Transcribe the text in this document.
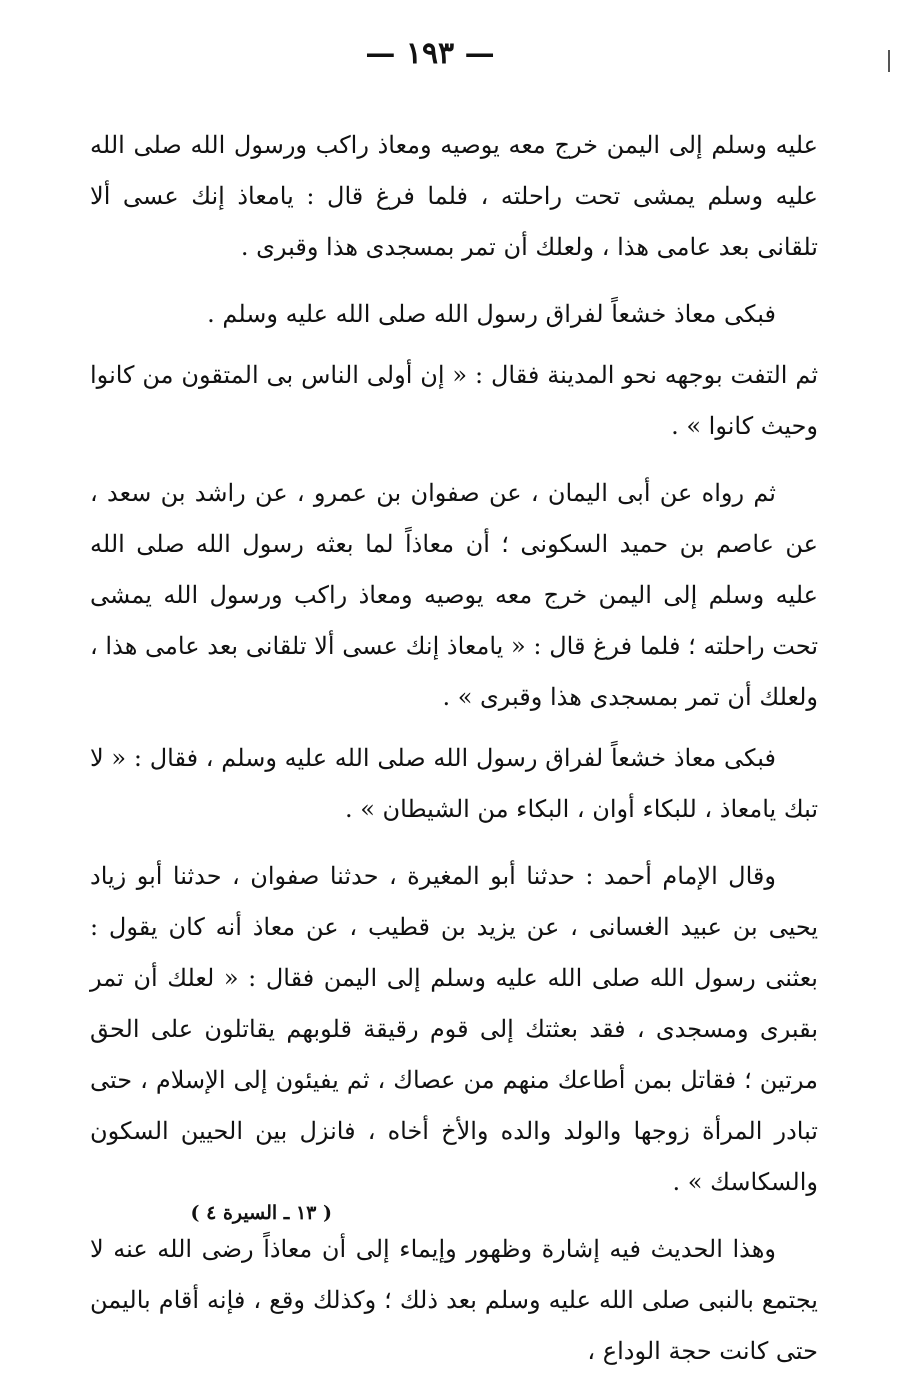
— ١٩٣ —

عليه وسلم إلى اليمن خرج معه يوصيه ومعاذ راكب ورسول الله صلى الله عليه وسلم يمشى تحت راحلته ، فلما فرغ قال : يامعاذ إنك عسى ألا تلقانى بعد عامى هذا ، ولعلك أن تمر بمسجدى هذا وقبرى .

فبكى معاذ خشعاً لفراق رسول الله صلى الله عليه وسلم .

ثم التفت بوجهه نحو المدينة فقال : « إن أولى الناس بى المتقون من كانوا وحيث كانوا » .

ثم رواه عن أبى اليمان ، عن صفوان بن عمرو ، عن راشد بن سعد ، عن عاصم بن حميد السكونى ؛ أن معاذاً لما بعثه رسول الله صلى الله عليه وسلم إلى اليمن خرج معه يوصيه ومعاذ راكب ورسول الله يمشى تحت راحلته ؛ فلما فرغ قال : « يامعاذ إنك عسى ألا تلقانى بعد عامى هذا ، ولعلك أن تمر بمسجدى هذا وقبرى » .

فبكى معاذ خشعاً لفراق رسول الله صلى الله عليه وسلم ، فقال : « لا تبك يامعاذ ، للبكاء أوان ، البكاء من الشيطان » .

وقال الإمام أحمد : حدثنا أبو المغيرة ، حدثنا صفوان ، حدثنا أبو زياد يحيى بن عبيد الغسانى ، عن يزيد بن قطيب ، عن معاذ أنه كان يقول : بعثنى رسول الله صلى الله عليه وسلم إلى اليمن فقال : « لعلك أن تمر بقبرى ومسجدى ، فقد بعثتك إلى قوم رقيقة قلوبهم يقاتلون على الحق مرتين ؛ فقاتل بمن أطاعك منهم من عصاك ، ثم يفيئون إلى الإسلام ، حتى تبادر المرأة زوجها والولد والده والأخ أخاه ، فانزل بين الحيين السكون والسكاسك » .

وهذا الحديث فيه إشارة وظهور وإيماء إلى أن معاذاً رضى الله عنه لا يجتمع بالنبى صلى الله عليه وسلم بعد ذلك ؛ وكذلك وقع ، فإنه أقام باليمن حتى كانت حجة الوداع ،

( ١٣ ـ السيرة ٤ )
